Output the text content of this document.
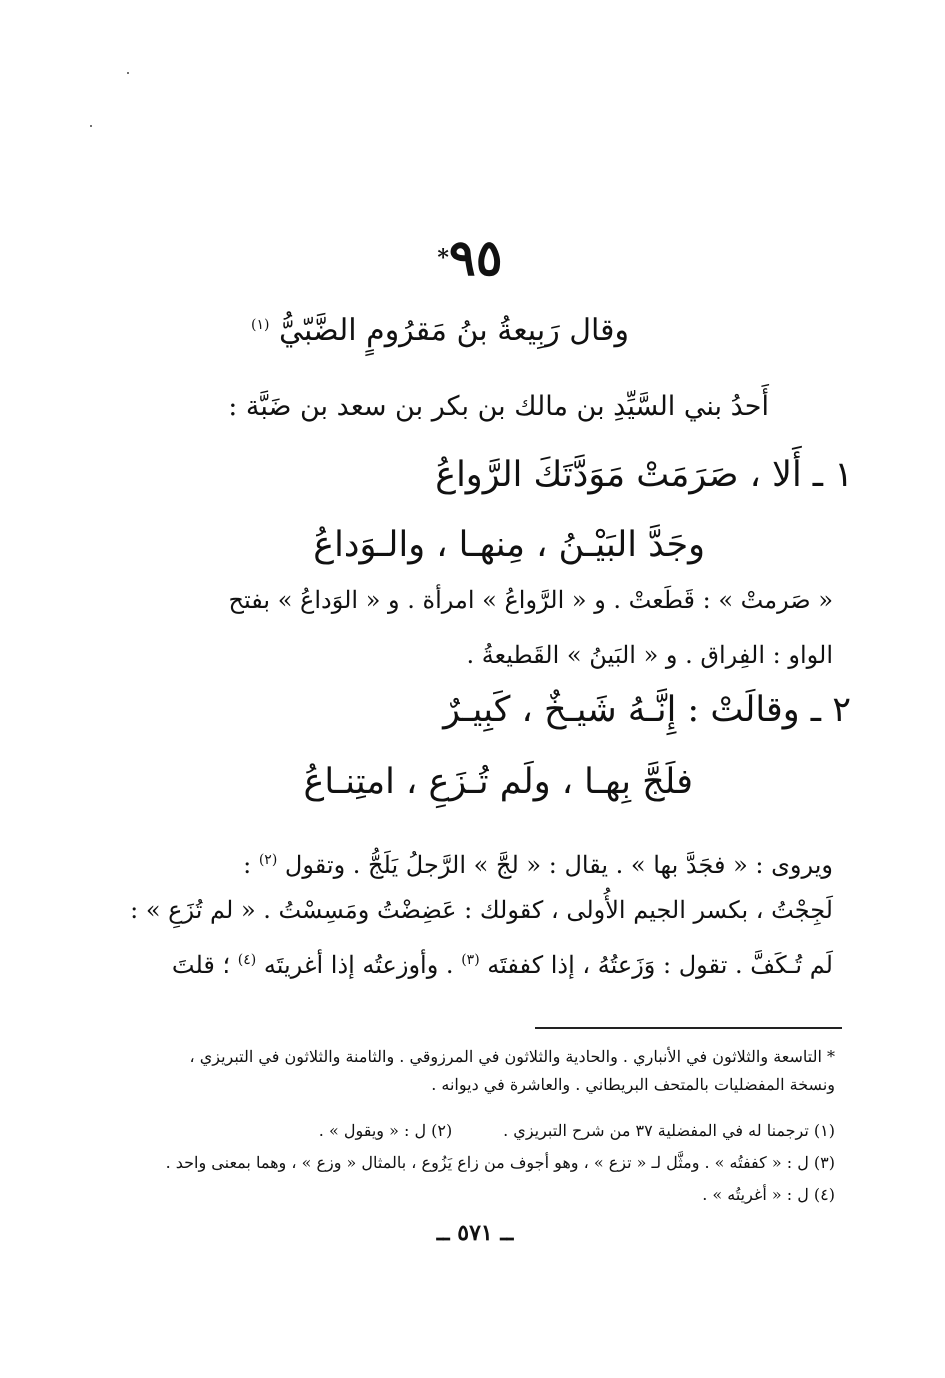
*٩٥
وقال رَبِيعةُ بنُ مَقرُومٍ الضَّبّيُّ $^{(١)}$
أَحدُ بني السَّيِّدِ بن مالك بن بكر بن سعد بن ضَبَّة :
١ ـ أَلا ، صَرَمَتْ مَوَدَّتَكَ الرَّواعُ
وجَدَّ البَيْـنُ ، مِنهـا ، والـوَداعُ
« صَرمتْ » : قَطَعتْ . و « الرَّواعُ » امرأة . و « الوَداعُ » بفتح
الواو : الفِراق . و « البَينُ » القَطيعةُ .
٢ ـ وقالَتْ : إِنَّـهُ شَيـخٌ ، كَبِيـرٌ
فلَجَّ بِهـا ، ولَم تُـزَعِ ، امتِنـاعُ
ويروى : « فجَدَّ بها » . يقال : « لجَّ » الرَّجلُ يَلَجُّ . وتقول $^{(٢)}$ :
لَجِجْتُ ، بكسر الجيم الأُولى ، كقولك : عَضِضْتُ ومَسِسْتُ . « لم تُزَعِ » :
لَم تُـكَفَّ . تقول : وَزَعتُهُ ، إذا كففتَه $^{(٣)}$ . وأوزعتُه إذا أغريتَه $^{(٤)}$ ؛ قلتَ
* التاسعة والثلاثون في الأنباري . والحادية والثلاثون في المرزوقي . والثامنة والثلاثون في التبريزي ،
ونسخة المفضليات بالمتحف البريطاني . والعاشرة في ديوانه .
(١) ترجمنا له في المفضلية ٣٧ من شرح التبريزي .          (٢) ل : « ويقول » .
(٣) ل : « كففتُه » . ومثَّل لـ « تزع » ، وهو أجوف من زاع يَزُوع ، بالمثال « وزع » ، وهما بمعنى واحد .
(٤) ل : « أغريتُه » .
ــ ٥٧١ ــ
